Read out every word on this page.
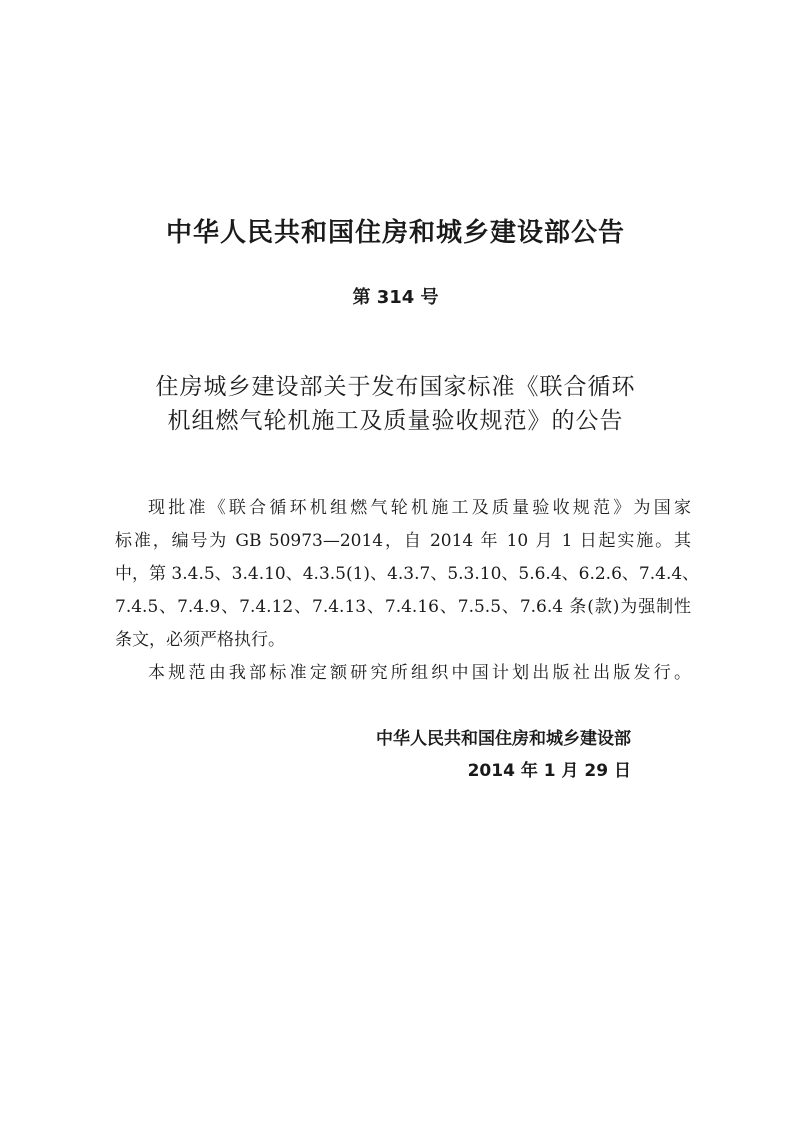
中华人民共和国住房和城乡建设部公告
第 314 号
住房城乡建设部关于发布国家标准《联合循环
机组燃气轮机施工及质量验收规范》的公告
现批准《联合循环机组燃气轮机施工及质量验收规范》为国家
标准，编号为 GB 50973—2014，自 2014 年 10 月 1 日起实施。其
中，第 3.4.5、3.4.10、4.3.5(1)、4.3.7、5.3.10、5.6.4、6.2.6、7.4.4、
7.4.5、7.4.9、7.4.12、7.4.13、7.4.16、7.5.5、7.6.4 条(款)为强制性
条文，必须严格执行。
本规范由我部标准定额研究所组织中国计划出版社出版发行。
中华人民共和国住房和城乡建设部
2014 年 1 月 29 日
